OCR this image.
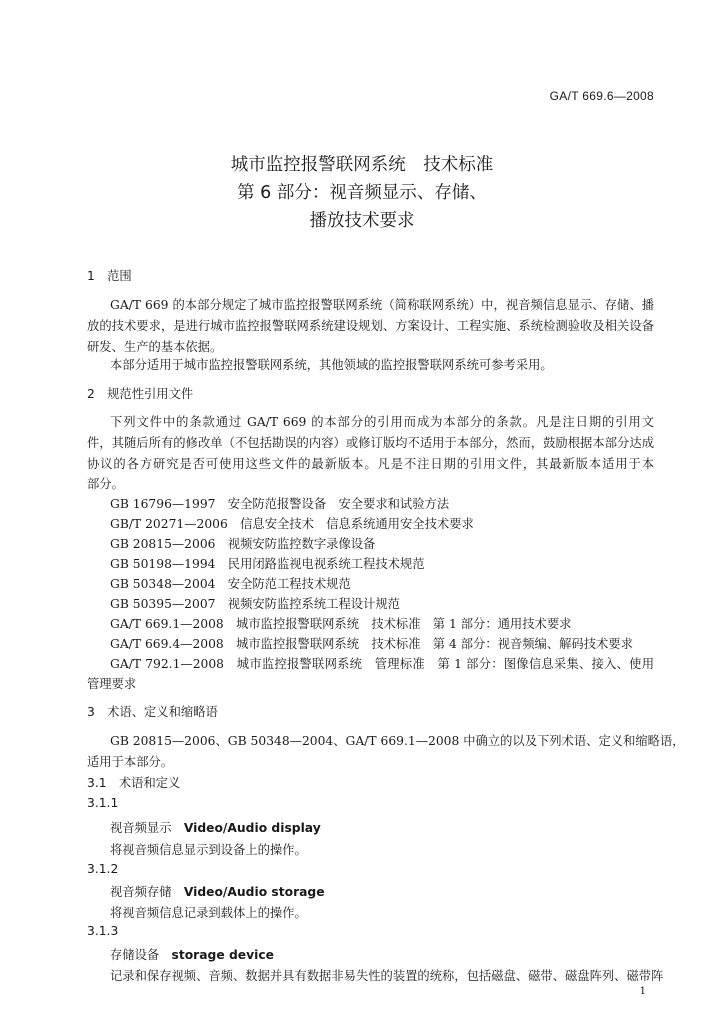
GA/T 669.6—2008
城市监控报警联网系统　技术标准
第 6 部分：视音频显示、存储、
播放技术要求
1　范围
GA/T 669 的本部分规定了城市监控报警联网系统（简称联网系统）中，视音频信息显示、存储、播
放的技术要求，是进行城市监控报警联网系统建设规划、方案设计、工程实施、系统检测验收及相关设备
研发、生产的基本依据。
本部分适用于城市监控报警联网系统，其他领域的监控报警联网系统可参考采用。
2　规范性引用文件
下列文件中的条款通过 GA/T 669 的本部分的引用而成为本部分的条款。凡是注日期的引用文
件，其随后所有的修改单（不包括勘误的内容）或修订版均不适用于本部分，然而，鼓励根据本部分达成
协议的各方研究是否可使用这些文件的最新版本。凡是不注日期的引用文件，其最新版本适用于本
部分。
GB 16796—1997　安全防范报警设备　安全要求和试验方法
GB/T 20271—2006　信息安全技术　信息系统通用安全技术要求
GB 20815—2006　视频安防监控数字录像设备
GB 50198—1994　民用闭路监视电视系统工程技术规范
GB 50348—2004　安全防范工程技术规范
GB 50395—2007　视频安防监控系统工程设计规范
GA/T 669.1—2008　城市监控报警联网系统　技术标准　第 1 部分：通用技术要求
GA/T 669.4—2008　城市监控报警联网系统　技术标准　第 4 部分：视音频编、解码技术要求
GA/T 792.1—2008　城市监控报警联网系统　管理标准　第 1 部分：图像信息采集、接入、使用
管理要求
3　术语、定义和缩略语
GB 20815—2006、GB 50348—2004、GA/T 669.1—2008 中确立的以及下列术语、定义和缩略语，
适用于本部分。
3.1　术语和定义
3.1.1
视音频显示　 Video/Audio display
将视音频信息显示到设备上的操作。
3.1.2
视音频存储　 Video/Audio storage
将视音频信息记录到载体上的操作。
3.1.3
存储设备　 storage device
记录和保存视频、音频、数据并具有数据非易失性的装置的统称，包括磁盘、磁带、磁盘阵列、磁带阵
1
